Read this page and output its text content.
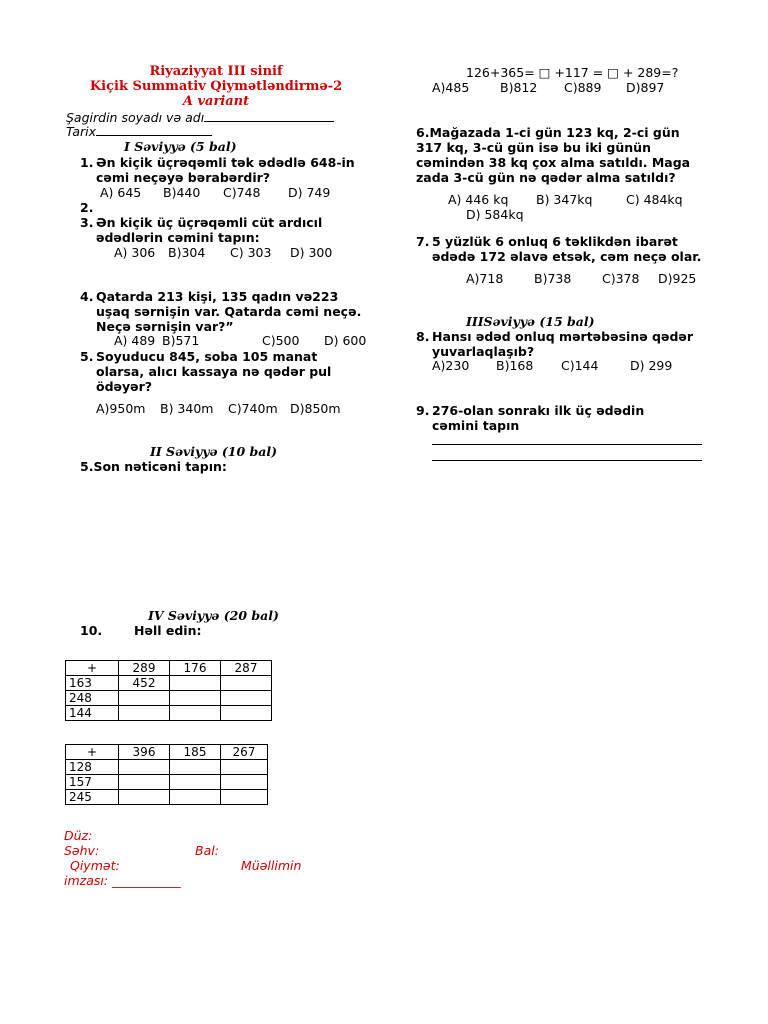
Riyaziyyat III sinif
Kiçik Summativ Qiymətləndirmə-2
A variant
Şagirdin soyadı və adı
Tarix
I Səviyyə (5 bal)
1. Ən kiçik üçrəqəmli tək ədədlə 648-in
cəmi neçəyə bərabərdir?
A) 645 B)440 C)748 D) 749
2.
3. Ən kiçik üç üçrəqəmli cüt ardıcıl
ədədlərin cəmini tapın:
A) 306 B)304 C) 303 D) 300
4. Qatarda 213 kişi, 135 qadın və223
uşaq sərnişin var. Qatarda cəmi neçə.
Neçə sərnişin var?”
A) 489 B)571	C)500 D) 600
5. Soyuducu 845, soba 105 manat
olarsa, alıcı kassaya nə qədər pul
ödəyər?
A)950m B) 340m C)740m D)850m
II Səviyyə (10 bal)
5.Son nəticəni tapın:
126+365= □ +117 = □ + 289=?
A)485 B)812 C)889 D)897
6.Mağazada 1-ci gün 123 kq, 2-ci gün
317 kq, 3-cü gün isə bu iki günün
cəmindən 38 kq çox alma satıldı. Maga
zada 3-cü gün nə qədər alma satıldı?
A) 446 kq B) 347kq	C) 484kq
D) 584kq
7. 5 yüzlük 6 onluq 6 təklikdən ibarət
ədədə 172 əlavə etsək, cəm neçə olar.
A)718 B)738 C)378 D)925
IIISəviyyə (15 bal)
8. Hansı ədəd onluq mərtəbəsinə qədər
yuvarlaqlaşıb?
A)230 B)168 C)144	D) 299
9. 276-olan sonrakı ilk üç ədədin
cəmini tapın
IV Səviyyə (20 bal)
10.	Həll edin:
+	289	176	287
163	452		
248			
144			
+	396	185	267
128			
157			
245			
Düz:
Səhv:	Bal:
Qiymət:	Müəllimin
imzası: ___________
